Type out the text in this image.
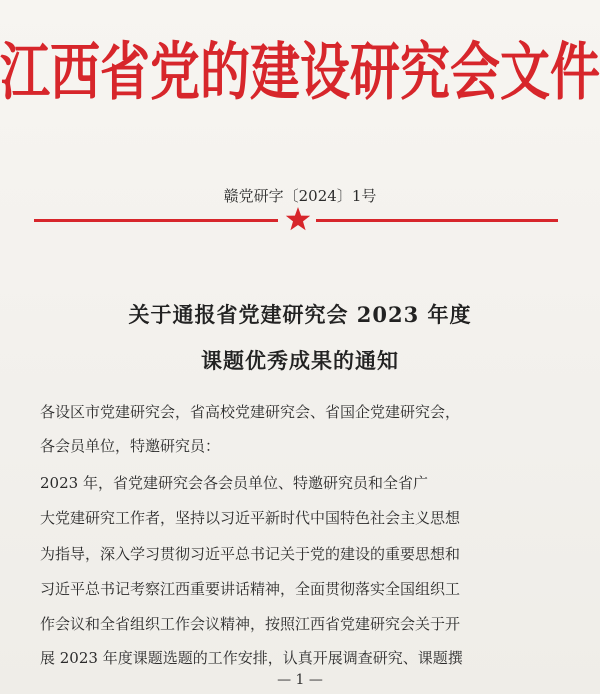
江西省党的建设研究会文件
赣党研字〔2024〕1号
关于通报省党建研究会 2023 年度
课题优秀成果的通知
各设区市党建研究会，省高校党建研究会、省国企党建研究会，
各会员单位，特邀研究员：
2023 年，省党建研究会各会员单位、特邀研究员和全省广
大党建研究工作者，坚持以习近平新时代中国特色社会主义思想
为指导，深入学习贯彻习近平总书记关于党的建设的重要思想和
习近平总书记考察江西重要讲话精神，全面贯彻落实全国组织工
作会议和全省组织工作会议精神，按照江西省党建研究会关于开
展 2023 年度课题选题的工作安排，认真开展调查研究、课题撰
— 1 —
